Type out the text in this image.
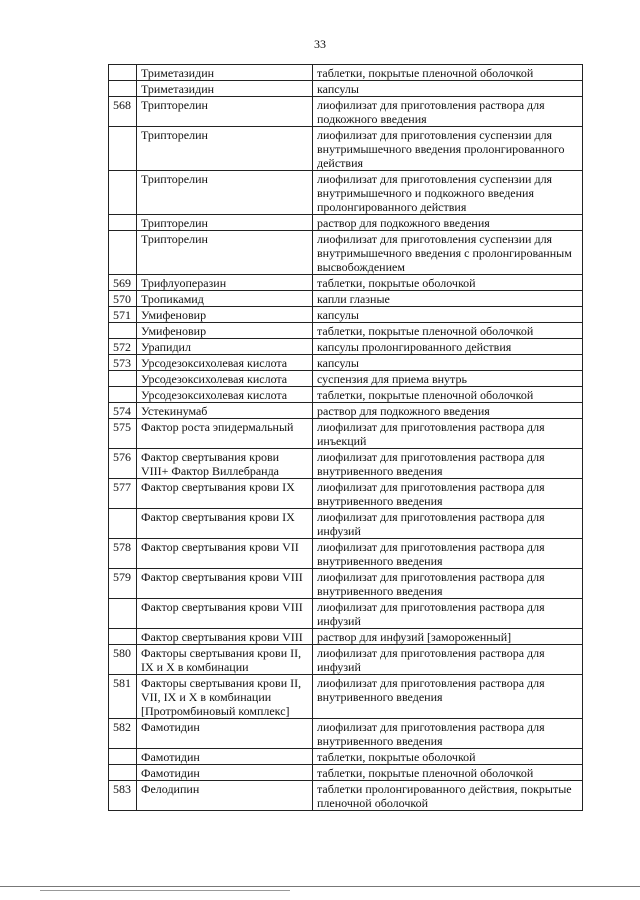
33
	Триметазидин	таблетки, покрытые пленочной оболочкой
	Триметазидин	капсулы
568	Трипторелин	лиофилизат для приготовления раствора для подкожного введения
	Трипторелин	лиофилизат для приготовления суспензии для внутримышечного введения пролонгированного действия
	Трипторелин	лиофилизат для приготовления суспензии для внутримышечного и подкожного введения пролонгированного действия
	Трипторелин	раствор для подкожного введения
	Трипторелин	лиофилизат для приготовления суспензии для внутримышечного введения с пролонгированным высвобождением
569	Трифлуоперазин	таблетки, покрытые оболочкой
570	Тропикамид	капли глазные
571	Умифеновир	капсулы
	Умифеновир	таблетки, покрытые пленочной оболочкой
572	Урапидил	капсулы пролонгированного действия
573	Урсодезоксихолевая кислота	капсулы
	Урсодезоксихолевая кислота	суспензия для приема внутрь
	Урсодезоксихолевая кислота	таблетки, покрытые пленочной оболочкой
574	Устекинумаб	раствор для подкожного введения
575	Фактор роста эпидермальный	лиофилизат для приготовления раствора для инъекций
576	Фактор свертывания крови VIII+ Фактор Виллебранда	лиофилизат для приготовления раствора для внутривенного введения
577	Фактор свертывания крови IX	лиофилизат для приготовления раствора для внутривенного введения
	Фактор свертывания крови IX	лиофилизат для приготовления раствора для инфузий
578	Фактор свертывания крови VII	лиофилизат для приготовления раствора для внутривенного введения
579	Фактор свертывания крови VIII	лиофилизат для приготовления раствора для внутривенного введения
	Фактор свертывания крови VIII	лиофилизат для приготовления раствора для инфузий
	Фактор свертывания крови VIII	раствор для инфузий [замороженный]
580	Факторы свертывания крови II, IX и X в комбинации	лиофилизат для приготовления раствора для инфузий
581	Факторы свертывания крови II, VII, IX и X в комбинации [Протромбиновый комплекс]	лиофилизат для приготовления раствора для внутривенного введения
582	Фамотидин	лиофилизат для приготовления раствора для внутривенного введения
	Фамотидин	таблетки, покрытые оболочкой
	Фамотидин	таблетки, покрытые пленочной оболочкой
583	Фелодипин	таблетки пролонгированного действия, покрытые пленочной оболочкой
